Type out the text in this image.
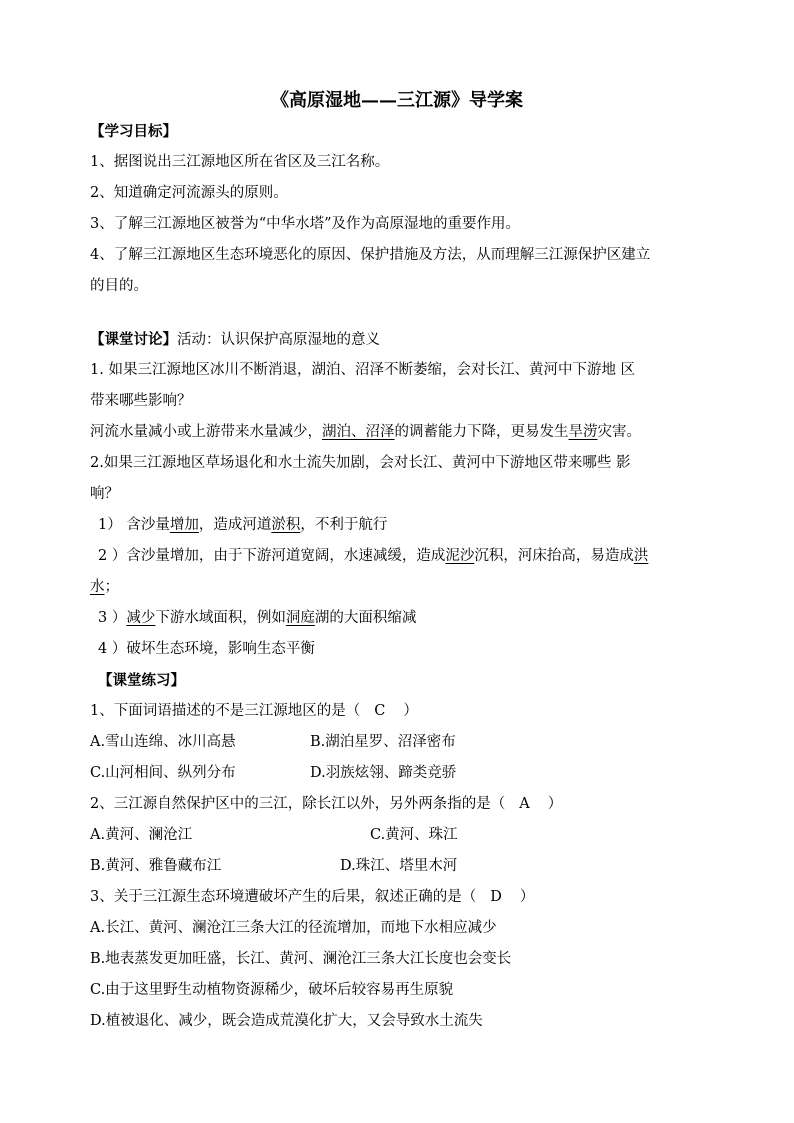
《高原湿地——三江源》导学案

【学习目标】

1、据图说出三江源地区所在省区及三江名称。

2、知道确定河流源头的原则。

3、了解三江源地区被誉为“中华水塔”及作为高原湿地的重要作用。

4、了解三江源地区生态环境恶化的原因、保护措施及方法，从而理解三江源保护区建立

的目的。

【课堂讨论】活动：认识保护高原湿地的意义

1. 如果三江源地区冰川不断消退，湖泊、沼泽不断萎缩，会对长江、黄河中下游地 区

带来哪些影响？

河流水量减小或上游带来水量减少，湖泊、沼泽的调蓄能力下降，更易发生旱涝灾害。

2.如果三江源地区草场退化和水土流失加剧，会对长江、黄河中下游地区带来哪些 影

响？

1） 含沙量增加，造成河道淤积，不利于航行

2 ）含沙量增加，由于下游河道宽阔，水速减缓，造成泥沙沉积，河床抬高，易造成洪

水；

3 ）减少下游水域面积，例如洞庭湖的大面积缩减

4 ）破坏生态环境，影响生态平衡

【课堂练习】

1、下面词语描述的不是三江源地区的是（ C ）

A.雪山连绵、冰川高悬	B.湖泊星罗、沼泽密布
C.山河相间、纵列分布	D.羽族炫翎、蹄类竞骄

2、三江源自然保护区中的三江，除长江以外，另外两条指的是（ A ）

A.黄河、澜沧江	C.黄河、珠江
B.黄河、雅鲁藏布江	D.珠江、塔里木河

3、关于三江源生态环境遭破坏产生的后果，叙述正确的是（ D ）

A.长江、黄河、澜沧江三条大江的径流增加，而地下水相应减少

B.地表蒸发更加旺盛，长江、黄河、澜沧江三条大江长度也会变长

C.由于这里野生动植物资源稀少，破坏后较容易再生原貌

D.植被退化、减少，既会造成荒漠化扩大，又会导致水土流失
